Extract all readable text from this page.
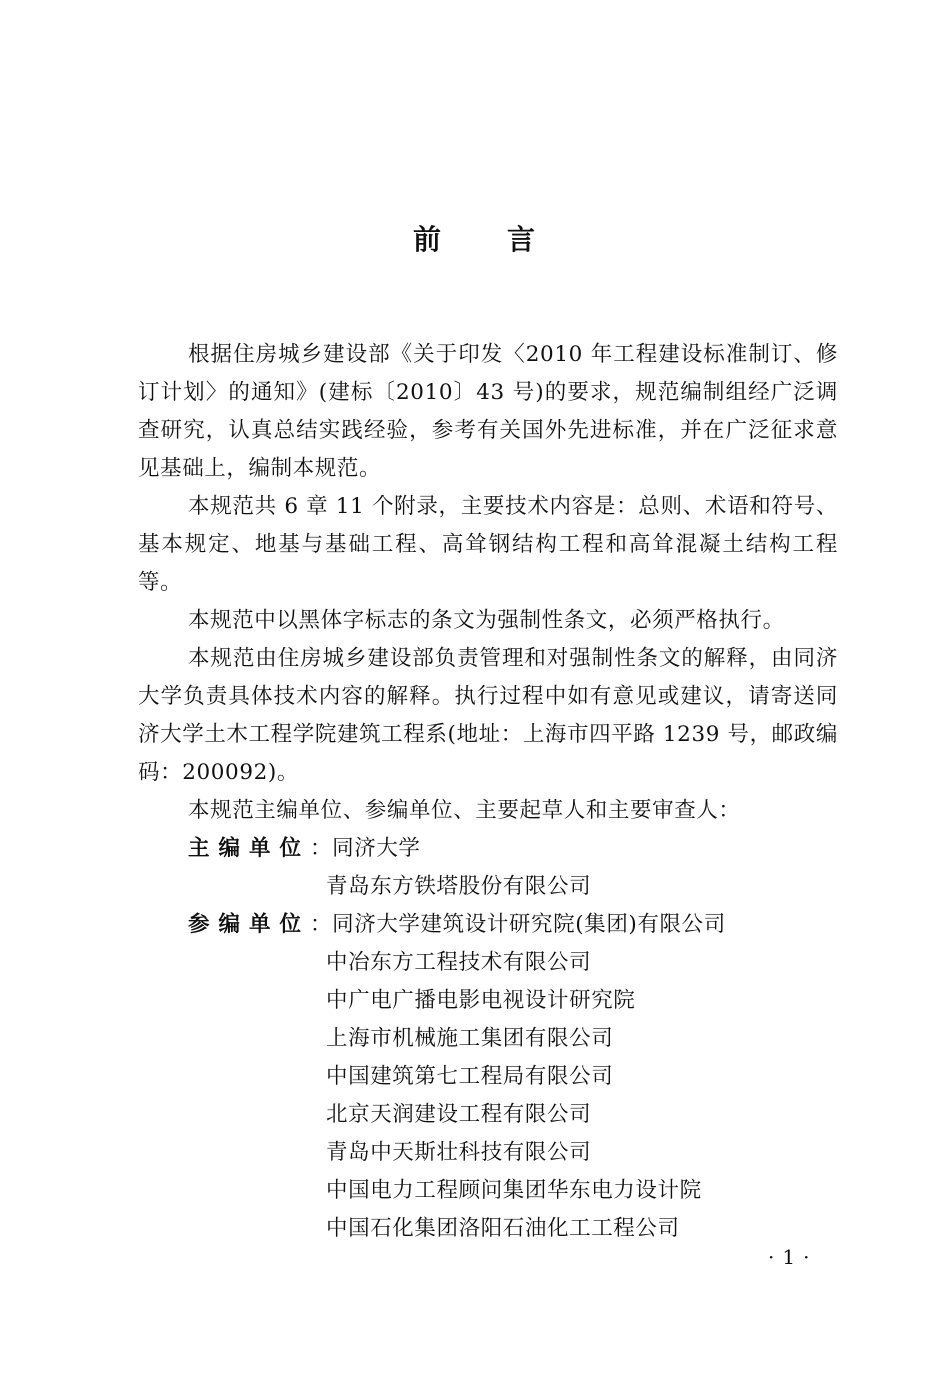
前 言

根据住房城乡建设部《关于印发〈2010 年工程建设标准制订、修订计划〉的通知》(建标〔2010〕43 号)的要求，规范编制组经广泛调查研究，认真总结实践经验，参考有关国外先进标准，并在广泛征求意见基础上，编制本规范。

本规范共 6 章 11 个附录，主要技术内容是：总则、术语和符号、基本规定、地基与基础工程、高耸钢结构工程和高耸混凝土结构工程等。

本规范中以黑体字标志的条文为强制性条文，必须严格执行。

本规范由住房城乡建设部负责管理和对强制性条文的解释，由同济大学负责具体技术内容的解释。执行过程中如有意见或建议，请寄送同济大学土木工程学院建筑工程系(地址：上海市四平路 1239 号，邮政编码：200092)。

本规范主编单位、参编单位、主要起草人和主要审查人：

主编单位：同济大学
青岛东方铁塔股份有限公司
参编单位：同济大学建筑设计研究院(集团)有限公司
中冶东方工程技术有限公司
中广电广播电影电视设计研究院
上海市机械施工集团有限公司
中国建筑第七工程局有限公司
北京天润建设工程有限公司
青岛中天斯壮科技有限公司
中国电力工程顾问集团华东电力设计院
中国石化集团洛阳石油化工工程公司
·1·
